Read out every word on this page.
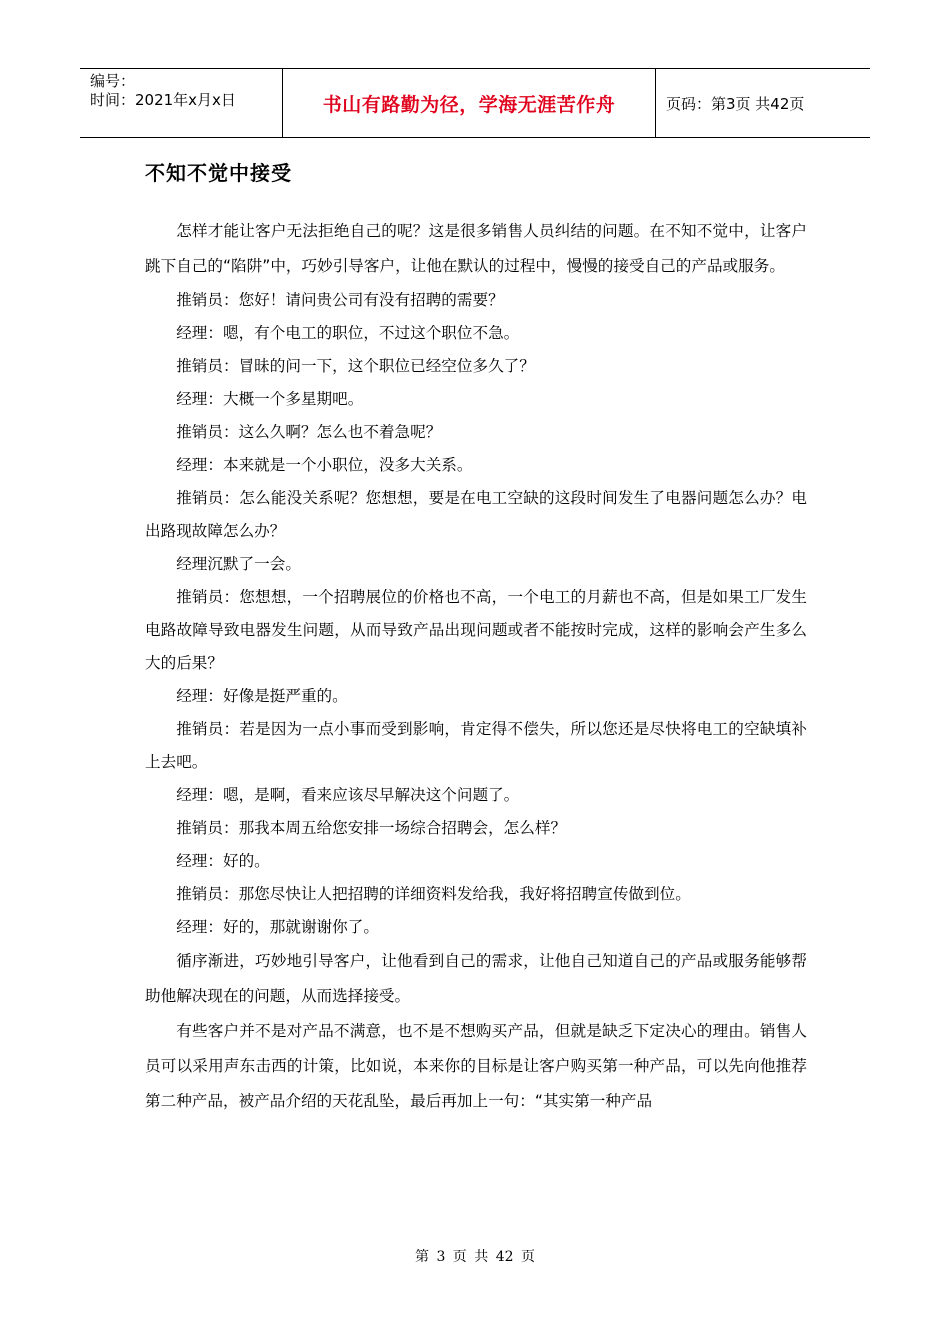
编号：
时间：2021年x月x日	书山有路勤为径，学海无涯苦作舟	页码：第3页 共42页
不知不觉中接受

怎样才能让客户无法拒绝自己的呢？这是很多销售人员纠结的问题。在不知不觉中，让客户跳下自己的“陷阱”中，巧妙引导客户，让他在默认的过程中，慢慢的接受自己的产品或服务。

推销员：您好！请问贵公司有没有招聘的需要？

经理：嗯，有个电工的职位，不过这个职位不急。

推销员：冒昧的问一下，这个职位已经空位多久了？

经理：大概一个多星期吧。

推销员：这么久啊？怎么也不着急呢？

经理：本来就是一个小职位，没多大关系。

推销员：怎么能没关系呢？您想想，要是在电工空缺的这段时间发生了电器问题怎么办？电出路现故障怎么办？

经理沉默了一会。

推销员：您想想，一个招聘展位的价格也不高，一个电工的月薪也不高，但是如果工厂发生电路故障导致电器发生问题，从而导致产品出现问题或者不能按时完成，这样的影响会产生多么大的后果？

经理：好像是挺严重的。

推销员：若是因为一点小事而受到影响，肯定得不偿失，所以您还是尽快将电工的空缺填补上去吧。

经理：嗯，是啊，看来应该尽早解决这个问题了。

推销员：那我本周五给您安排一场综合招聘会，怎么样？

经理：好的。

推销员：那您尽快让人把招聘的详细资料发给我，我好将招聘宣传做到位。

经理：好的，那就谢谢你了。

循序渐进，巧妙地引导客户，让他看到自己的需求，让他自己知道自己的产品或服务能够帮助他解决现在的问题，从而选择接受。

有些客户并不是对产品不满意，也不是不想购买产品，但就是缺乏下定决心的理由。销售人员可以采用声东击西的计策，比如说，本来你的目标是让客户购买第一种产品，可以先向他推荐第二种产品，被产品介绍的天花乱坠，最后再加上一句：“其实第一种产品

第 3 页 共 42 页
